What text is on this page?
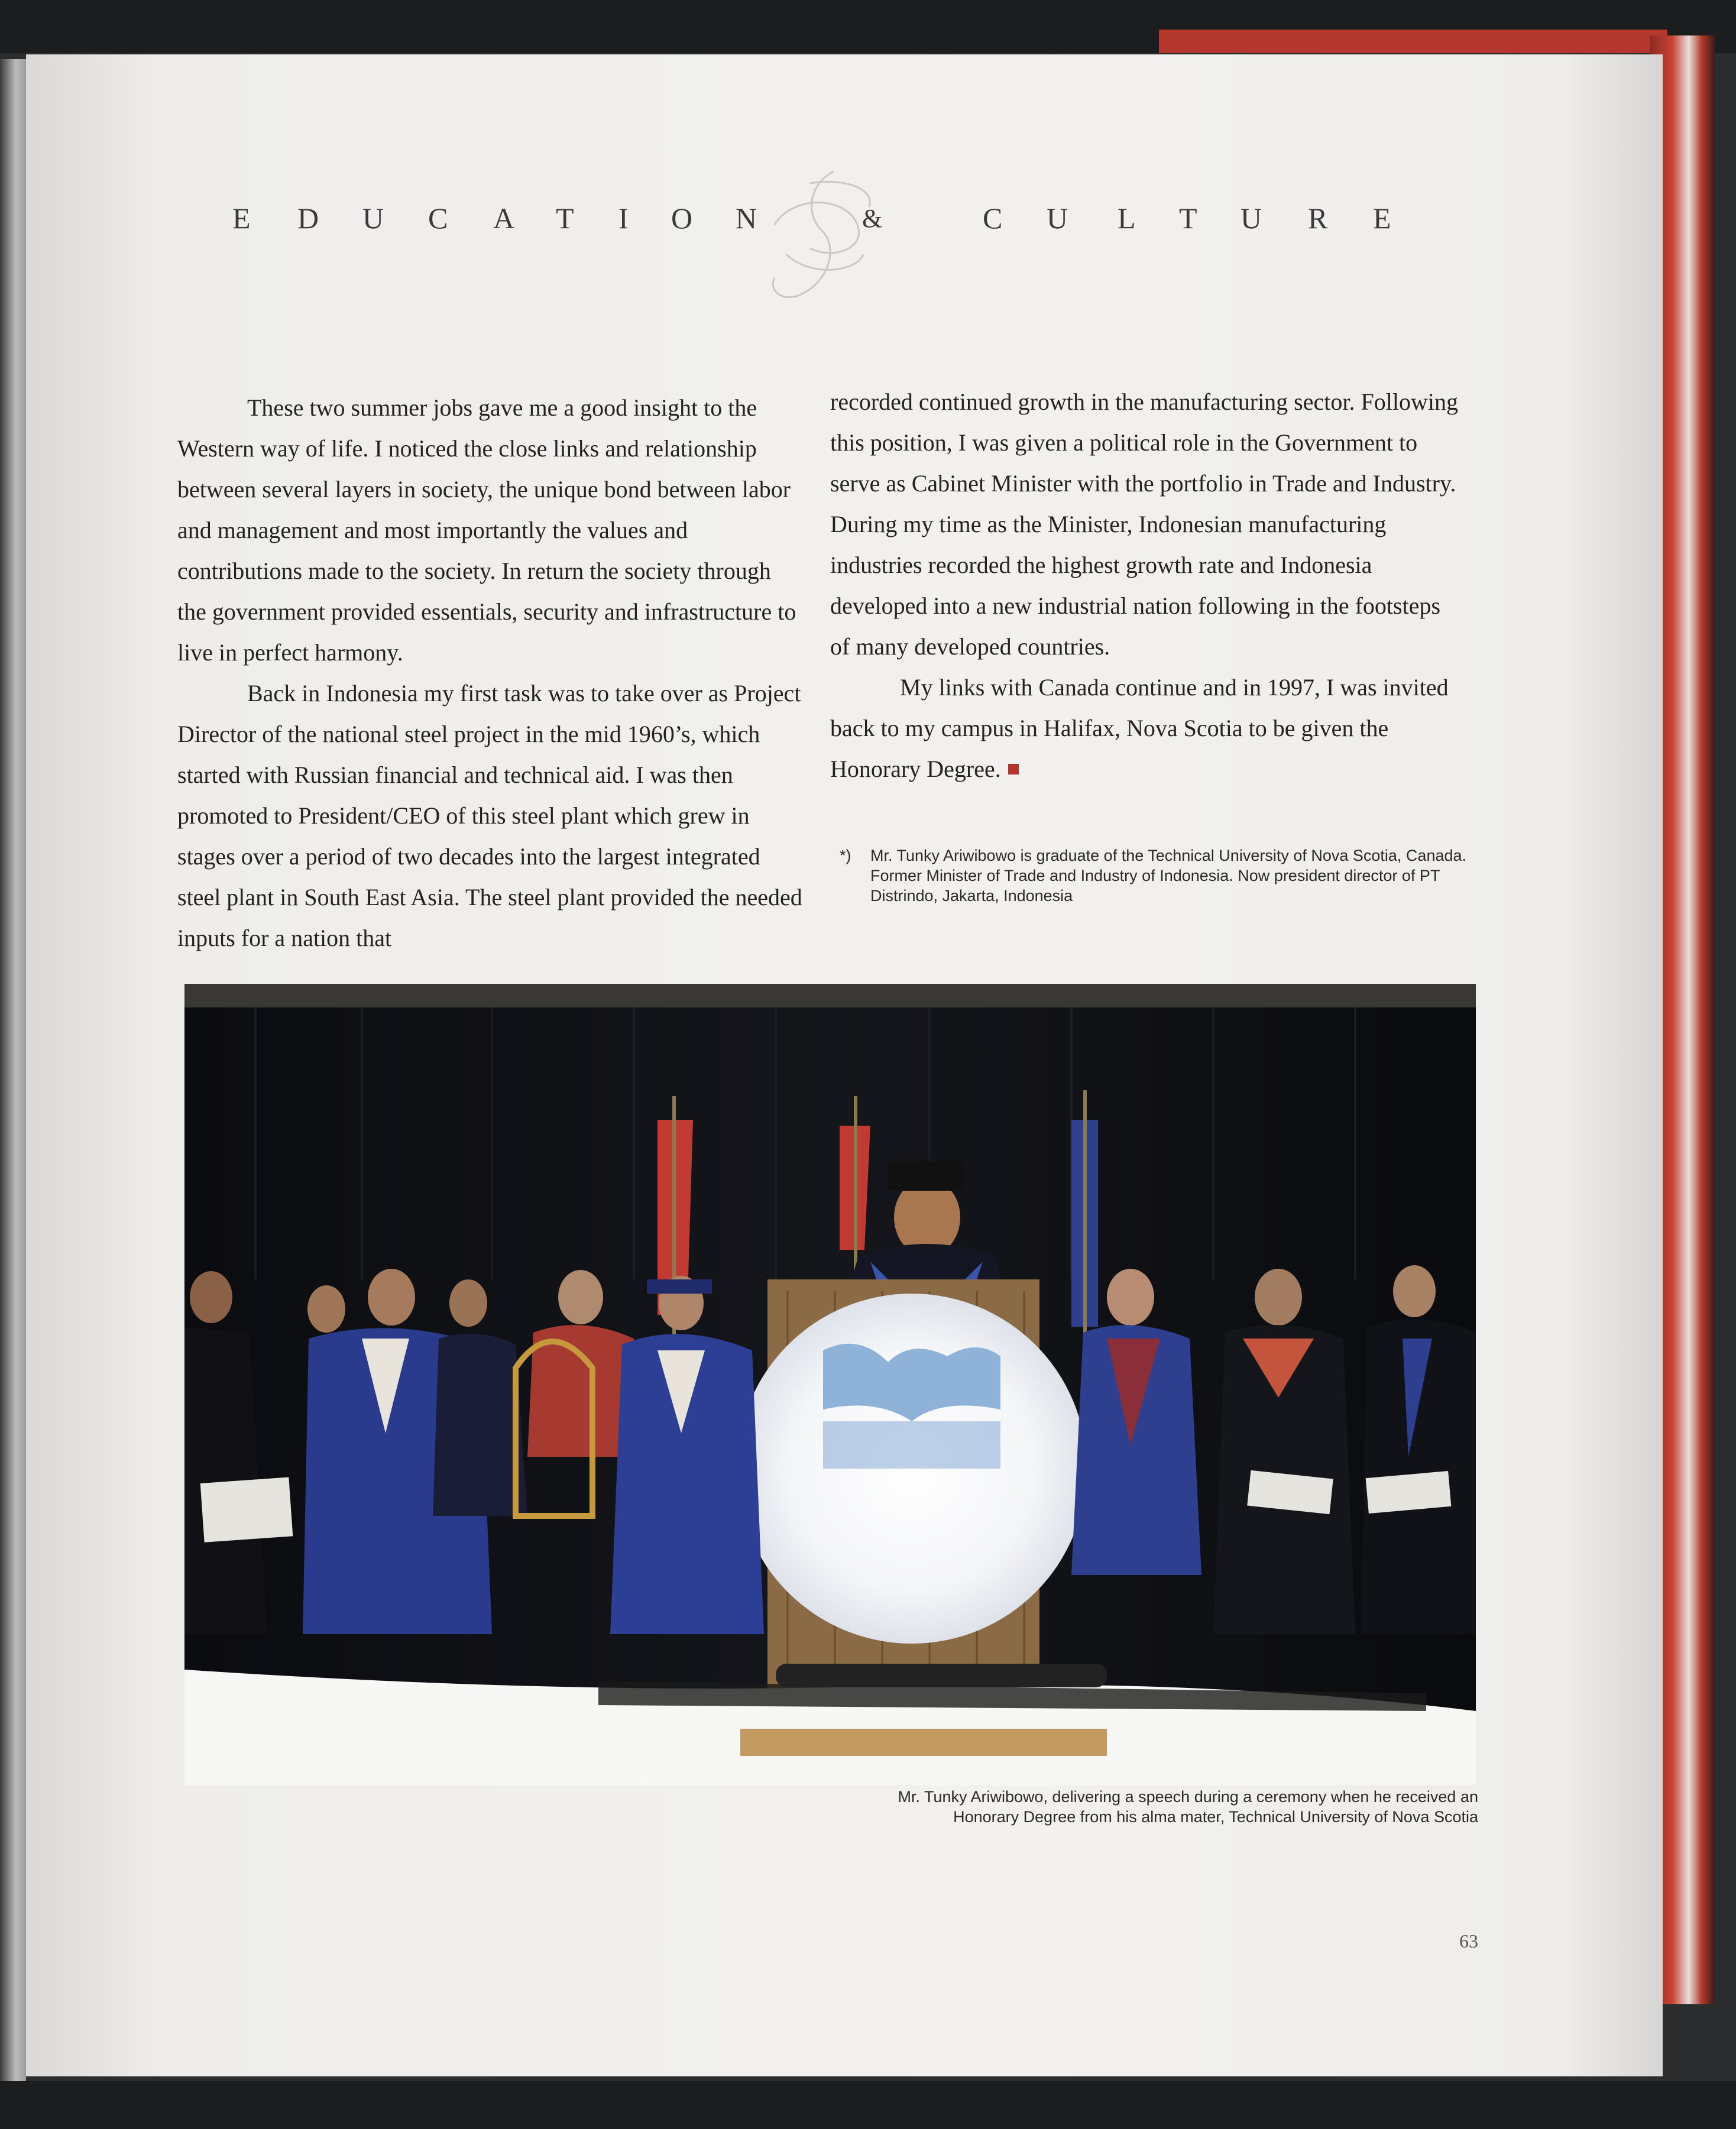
E D U C A T I O N	&	C U L T U R E

These two summer jobs gave me a good insight to the Western way of life. I noticed the close links and relationship between several layers in society, the unique bond between labor and management and most importantly the values and contributions made to the society. In return the society through the government provided essentials, security and infrastructure to live in perfect harmony.

Back in Indonesia my first task was to take over as Project Director of the national steel project in the mid 1960’s, which started with Russian financial and technical aid. I was then promoted to President/CEO of this steel plant which grew in stages over a period of two decades into the largest integrated steel plant in South East Asia. The steel plant provided the needed inputs for a nation that

recorded continued growth in the manufacturing sector. Following this position, I was given a political role in the Government to serve as Cabinet Minister with the portfolio in Trade and Industry. During my time as the Minister, Indonesian manufacturing industries recorded the highest growth rate and Indonesia developed into a new industrial nation following in the footsteps of many developed countries.

My links with Canada continue and in 1997, I was invited back to my campus in Halifax, Nova Scotia to be given the Honorary Degree.

*)	Mr. Tunky Ariwibowo is graduate of the Technical University of Nova Scotia, Canada. Former Minister of Trade and Industry of Indonesia. Now president director of PT Distrindo, Jakarta, Indonesia
Mr. Tunky Ariwibowo, delivering a speech during a ceremony when he received an Honorary Degree from his alma mater, Technical University of Nova Scotia
63
